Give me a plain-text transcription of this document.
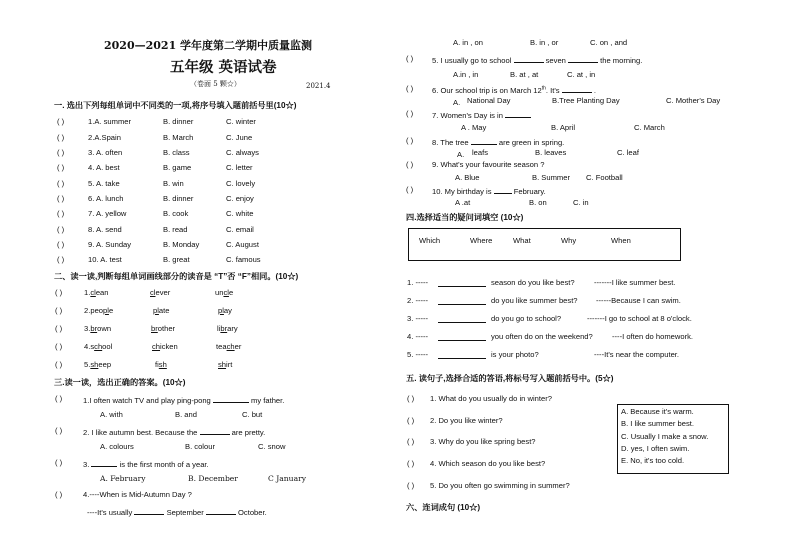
2020—2021 学年度第二学期中质量监测
五年级 英语试卷
（卷面 5 颗☆）	2021.4
一. 选出下列每组单词中不同类的一项,将序号填入题前括号里(10☆)
( )	1.A. summer	B. dinner	C. winter
( )	2.A.Spain	B. March	C. June
( )	3. A. often	B. class	C. always
( )	4. A. best	B. game	C. letter
( )	5. A. take	B. win	C. lovely
( )	6. A. lunch	B. dinner	C. enjoy
( )	7. A. yellow	B. cook	C. white
( )	8. A. send	B. read	C. email
( )	9. A. Sunday	B. Monday	C. August
( )	10. A. test	B. great	C. famous
二、读一读,判断每组单词画线部分的读音是 “T”否 “F”相同。(10☆)
( )	1.clean	clever	uncle
( )	2.people	plate	play
( )	3.brown	brother	library
( )	4.school	chicken	teacher
( )	5.sheep	fish	shirt
三.读一读，选出正确的答案。(10☆)
( )	1.I often watch TV and play ping-pong	my father.
A. with	B. and	C. but
( )	2. I like autumn best. Because the	are pretty.
A. colours	B. colour	C. snow
( )	3.	is the first month of a year.
A. February	B. December	C January
( )	4.----When is Mid-Autumn Day ?
----It's usually	September	October.
A. in , on	B. in , or	C. on , and
( ) 5. I usually go to school	seven	the morning.
A.in , in	B. at , at	C. at , in
( ) 6. Our school trip is on March 12th. It's	.
A. National Day	B.Tree Planting Day	C. Mother's Day
( ) 7. Women's Day is in
A . May	B. April	C. March
( ) 8. The tree	are green in spring.
A. leafs	B. leaves	C. leaf
( ) 9. What's your favourite season ?
A. Blue	B. Summer C. Football
( ) 10. My birthday is	February.
A .at	B. on	C. in
四.选择适当的疑问词填空 (10☆)
Which	Where	What	Why	When
1. -----	season do you like best?	-------I like summer best.
2. -----	do you like summer best? ------Because I can swim.
3. -----	do you go to school?	-------I go to school at 8 o'clock.
4. -----	you often do on the weekend?	----I often do homework.
5. -----	is your photo?	----It's near the computer.
五. 读句子,选择合适的答语,将标号写入题前括号中。(5☆)
( ) 1. What do you usually do in winter?
( ) 2. Do you like winter?
( ) 3. Why do you like spring best?
( ) 4. Which season do you like best?
( ) 5. Do you often go swimming in summer?
A. Because it's warm.
B. I like summer best.
C. Usually I make a snow.
D. yes, I often swim.
E. No, it's too cold.
六、连词成句 (10☆)
